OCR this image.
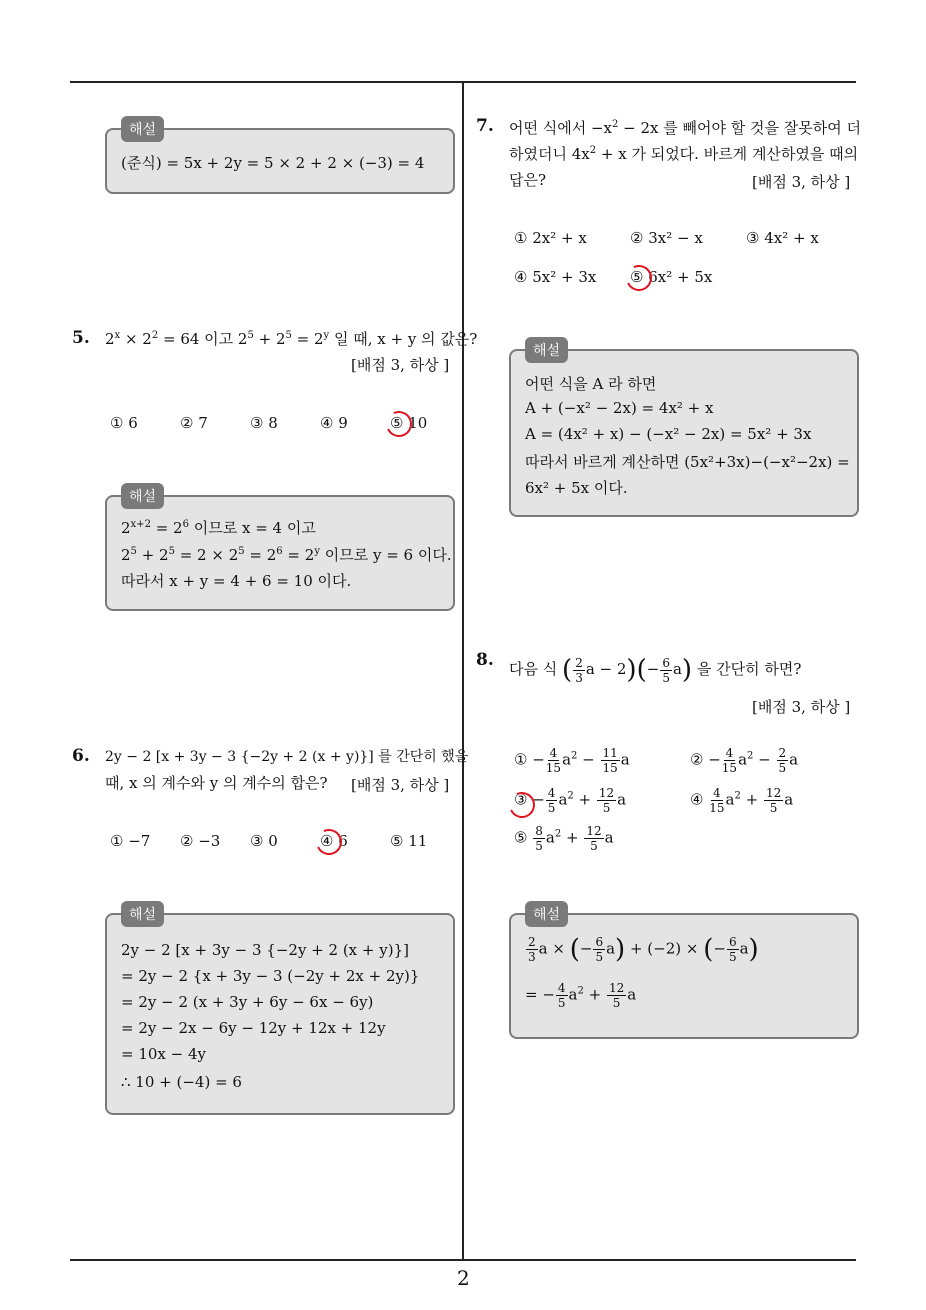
해설
(준식) = 5x + 2y = 5 × 2 + 2 × (−3) = 4
5. $2^x \times 2^2 = 64$ 이고 $2^5 + 2^5 = 2^y$ 일 때, x + y 의 값은?
[배점 3, 하상 ]
① 6	② 7	③ 8	④ 9	⑤ 10
해설
$2^{x+2} = 2^6$ 이므로 x = 4 이고
$2^5 + 2^5 = 2 \times 2^5 = 2^6 = 2^y$ 이므로 y = 6 이다.
따라서 x + y = 4 + 6 = 10 이다.
6. 2y − 2 [x + 3y − 3 {−2y + 2 (x + y)}] 를 간단히 했을
때, x 의 계수와 y 의 계수의 합은? [배점 3, 하상 ]
① −7 ② −3 ③ 0	④ 6	⑤ 11
해설
2y − 2 [x + 3y − 3 {−2y + 2 (x + y)}]
= 2y − 2 {x + 3y − 3 (−2y + 2x + 2y)}
= 2y − 2 (x + 3y + 6y − 6x − 6y)
= 2y − 2x − 6y − 12y + 12x + 12y
= 10x − 4y
∴ 10 + (−4) = 6
7. 어떤 식에서 $-x^2 - 2x$ 를 빼어야 할 것을 잘못하여 더
하였더니 $4x^2 + x$ 가 되었다. 바르게 계산하였을 때의
답은?	[배점 3, 하상 ]
① 2x² + x	② 3x² − x	③ 4x² + x
④ 5x² + 3x ⑤ 6x² + 5x
해설
어떤 식을 A 라 하면
A + (−x² − 2x) = 4x² + x
A = (4x² + x) − (−x² − 2x) = 5x² + 3x
따라서 바르게 계산하면 (5x²+3x)−(−x²−2x) =
6x² + 5x 이다.
8. 다음 식 ( $\frac{2}{3}$ $a - 2)(- \frac{6}{5} a)$ 을 간단히 하면?
[배점 3, 하상 ]
① − $\frac{4}{15} a^2 - \frac{11}{15}$ a	② − $\frac{4}{15} a^2 - \frac{2}{5}$ a
③ − $\frac{4}{5} a^2 + \frac{12}{5}$ a	④ $\frac{4}{15} a^2 + \frac{12}{5}$ a
⑤ $\frac{8}{5} a^2 + \frac{12}{5}$ a
해설
$\frac{2}{3}$ a × (− $\frac{6}{5} a) + (-2)$ × (− $\frac{6}{5} a$)
= − $\frac{4}{5} a^2 + \frac{12}{5}$ a
2
